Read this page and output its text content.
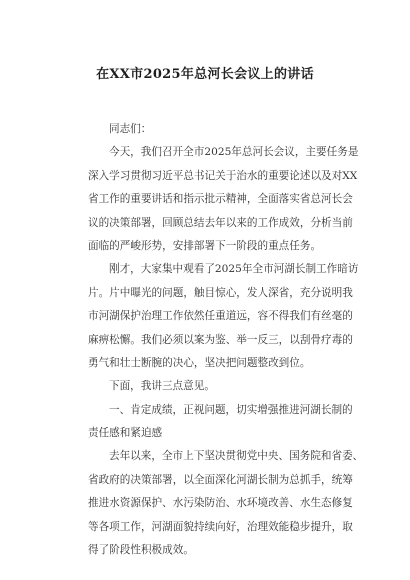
在XX市2025年总河长会议上的讲话
同志们：
今天，我们召开全市2025年总河长会议，主要任务是
深入学习贯彻习近平总书记关于治水的重要论述以及对XX
省工作的重要讲话和指示批示精神，全面落实省总河长会
议的决策部署，回顾总结去年以来的工作成效，分析当前
面临的严峻形势，安排部署下一阶段的重点任务。
刚才，大家集中观看了2025年全市河湖长制工作暗访
片。片中曝光的问题，触目惊心，发人深省，充分说明我
市河湖保护治理工作依然任重道远，容不得我们有丝毫的
麻痹松懈。我们必须以案为鉴、举一反三，以刮骨疗毒的
勇气和壮士断腕的决心，坚决把问题整改到位。
下面，我讲三点意见。
一、肯定成绩，正视问题，切实增强推进河湖长制的
责任感和紧迫感
去年以来，全市上下坚决贯彻党中央、国务院和省委、
省政府的决策部署，以全面深化河湖长制为总抓手，统筹
推进水资源保护、水污染防治、水环境改善、水生态修复
等各项工作，河湖面貌持续向好，治理效能稳步提升，取
得了阶段性积极成效。
